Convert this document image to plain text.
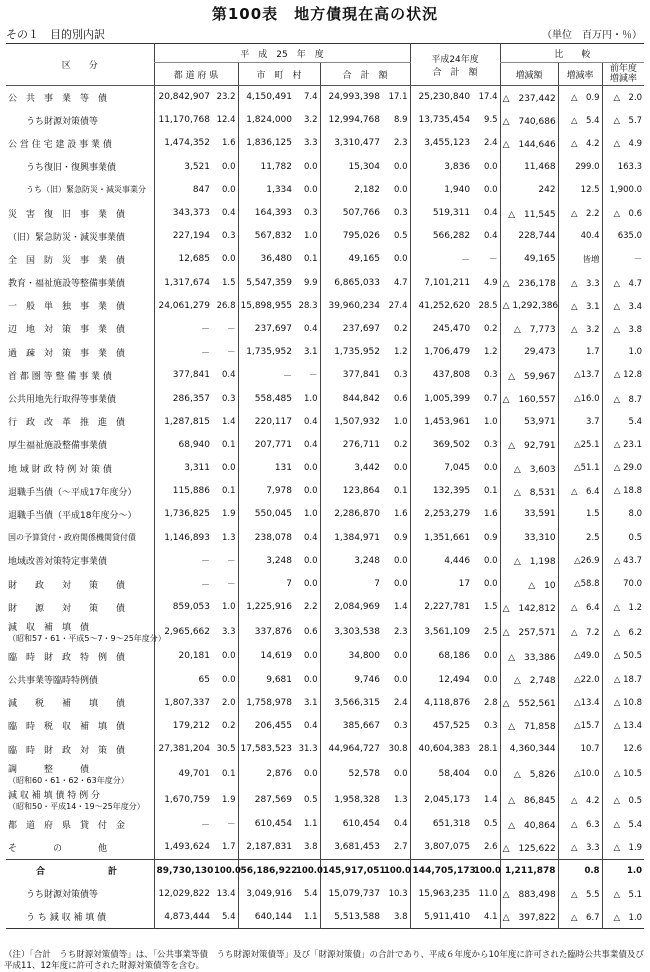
第100表　地方債現在高の状況
その１　目的別内訳	（単位　百万円・％）
区　　分	平　成　25　年　度						平成24年度
合　計　額		比　　較		
	都 道 府 県		市　町　村		合　計　額				増減額	増減率	前年度
増減率

公　共　事　業　等　債	20,842,907	23.2	4,150,491	7.4	24,993,398	17.1	25,230,840	17.4	△　237,442	△　0.9	△　2.0

うち財源対策債等	11,170,768	12.4	1,824,000	3.2	12,994,768	8.9	13,735,454	9.5	△　740,686	△　5.4	△　5.7

公 営 住 宅 建 設 事 業 債	1,474,352	1.6	1,836,125	3.3	3,310,477	2.3	3,455,123	2.4	△　144,646	△　4.2	△　4.9

うち復旧・復興事業債	3,521	0.0	11,782	0.0	15,304	0.0	3,836	0.0	11,468	299.0	163.3

うち（旧）緊急防災・減災事業分	847	0.0	1,334	0.0	2,182	0.0	1,940	0.0	242	12.5	1,900.0

災　害　復　旧　事　業　債	343,373	0.4	164,393	0.3	507,766	0.3	519,311	0.4	△　11,545	△　2.2	△　0.6

（旧）緊急防災・減災事業債	227,194	0.3	567,832	1.0	795,026	0.5	566,282	0.4	228,744	40.4	635.0

全　国　防　災　事　業　債	12,685	0.0	36,480	0.1	49,165	0.0	－	－	49,165	皆増	－

教育・福祉施設等整備事業債	1,317,674	1.5	5,547,359	9.9	6,865,033	4.7	7,101,211	4.9	△　236,178	△　3.3	△　4.7

一　般　単　独　事　業　債	24,061,279	26.8	15,898,955	28.3	39,960,234	27.4	41,252,620	28.5	△ 1,292,386	△　3.1	△　3.4

辺　地　対　策　事　業　債	－	－	237,697	0.4	237,697	0.2	245,470	0.2	△　7,773	△　3.2	△　3.8

過　疎　対　策　事　業　債	－	－	1,735,952	3.1	1,735,952	1.2	1,706,479	1.2	29,473	1.7	1.0

首 都 圏 等 整 備 事 業 債	377,841	0.4	－	－	377,841	0.3	437,808	0.3	△　59,967	△13.7	△ 12.8

公共用地先行取得等事業債	286,357	0.3	558,485	1.0	844,842	0.6	1,005,399	0.7	△　160,557	△16.0	△　8.7

行　政　改　革　推　進　債	1,287,815	1.4	220,117	0.4	1,507,932	1.0	1,453,961	1.0	53,971	3.7	5.4

厚生福祉施設整備事業債	68,940	0.1	207,771	0.4	276,711	0.2	369,502	0.3	△　92,791	△25.1	△ 23.1

地 域 財 政 特 例 対 策 債	3,311	0.0	131	0.0	3,442	0.0	7,045	0.0	△　3,603	△51.1	△ 29.0

退職手当債（～平成17年度分）	115,886	0.1	7,978	0.0	123,864	0.1	132,395	0.1	△　8,531	△　6.4	△ 18.8

退職手当債（平成18年度分～）	1,736,825	1.9	550,045	1.0	2,286,870	1.6	2,253,279	1.6	33,591	1.5	8.0

国の予算貸付・政府関係機関貸付債	1,146,893	1.3	238,078	0.4	1,384,971	0.9	1,351,661	0.9	33,310	2.5	0.5

地域改善対策特定事業債	－	－	3,248	0.0	3,248	0.0	4,446	0.0	△　1,198	△26.9	△ 43.7

財　　政　　対　　策　　債	－	－	7	0.0	7	0.0	17	0.0	△　10	△58.8	70.0

財　　源　　対　　策　　債	859,053	1.0	1,225,916	2.2	2,084,969	1.4	2,227,781	1.5	△　142,812	△　6.4	△　1.2

減　収　補　填　債
（昭和57・61・平成5～7・9～25年度分）	2,965,662	3.3	337,876	0.6	3,303,538	2.3	3,561,109	2.5	△　257,571	△　7.2	△　6.2

臨　時　財　政　特　例　債	20,181	0.0	14,619	0.0	34,800	0.0	68,186	0.0	△　33,386	△49.0	△ 50.5

公共事業等臨時特例債	65	0.0	9,681	0.0	9,746	0.0	12,494	0.0	△　2,748	△22.0	△ 18.7

減　　税　　補　　填　　債	1,807,337	2.0	1,758,978	3.1	3,566,315	2.4	4,118,876	2.8	△　552,561	△13.4	△ 10.8

臨　時　税　収　補　填　債	179,212	0.2	206,455	0.4	385,667	0.3	457,525	0.3	△　71,858	△15.7	△ 13.4

臨　時　財　政　対　策　債	27,381,204	30.5	17,583,523	31.3	44,964,727	30.8	40,604,383	28.1	4,360,344	10.7	12.6

調　　　整　　　債
（昭和60・61・62・63年度分）	49,701	0.1	2,876	0.0	52,578	0.0	58,404	0.0	△　5,826	△10.0	△ 10.5

減 収 補 填 債 特 例 分
（昭和50・平成14・19～25年度分）	1,670,759	1.9	287,569	0.5	1,958,328	1.3	2,045,173	1.4	△　86,845	△　4.2	△　0.5

都　道　府　県　貸　付　金	－	－	610,454	1.1	610,454	0.4	651,318	0.5	△　40,864	△　6.3	△　5.4

そ　　　　の　　　　他	1,493,624	1.7	2,187,831	3.8	3,681,453	2.7	3,807,075	2.6	△　125,622	△　3.3	△　1.9

合　　　　　　　計	89,730,130	100.0	56,186,922	100.0	145,917,051	100.0	144,705,173	100.0	1,211,878	0.8	1.0

うち財源対策債等	12,029,822	13.4	3,049,916	5.4	15,079,737	10.3	15,963,235	11.0	△　883,498	△　5.5	△　5.1

う ち 減 収 補 填 債	4,873,444	5.4	640,144	1.1	5,513,588	3.8	5,911,410	4.1	△　397,822	△　6.7	△　1.0
（注）「合計　うち財源対策債等」は、「公共事業等債　うち財源対策債等」及び「財源対策債」の合計であり、平成６年度から10年度に許可された臨時公共事業債及び平成11、12年度に許可された財源対策債等を含む。
